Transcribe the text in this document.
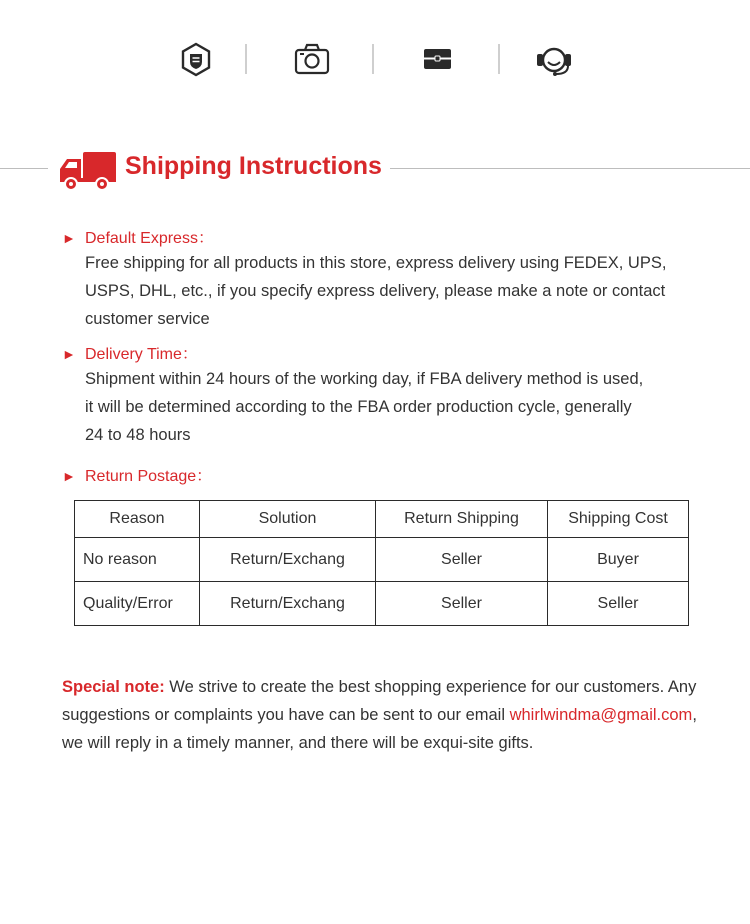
Shipping Instructions
► Default Express：
Free shipping for all products in this store, express delivery using FEDEX, UPS,
USPS, DHL, etc., if you specify express delivery, please make a note or contact
customer service
► Delivery Time：
Shipment within 24 hours of the working day, if FBA delivery method is used,
it will be determined according to the FBA order production cycle, generally
24 to 48 hours
► Return Postage：
Reason	Solution	Return Shipping	Shipping Cost
No reason	Return/Exchang	Seller	Buyer
Quality/Error	Return/Exchang	Seller	Seller
Special note: We strive to create the best shopping experience for our customers. Any suggestions or complaints you have can be sent to our email whirlwindma@gmail.com, we will reply in a timely manner, and there will be exqui-site gifts.
